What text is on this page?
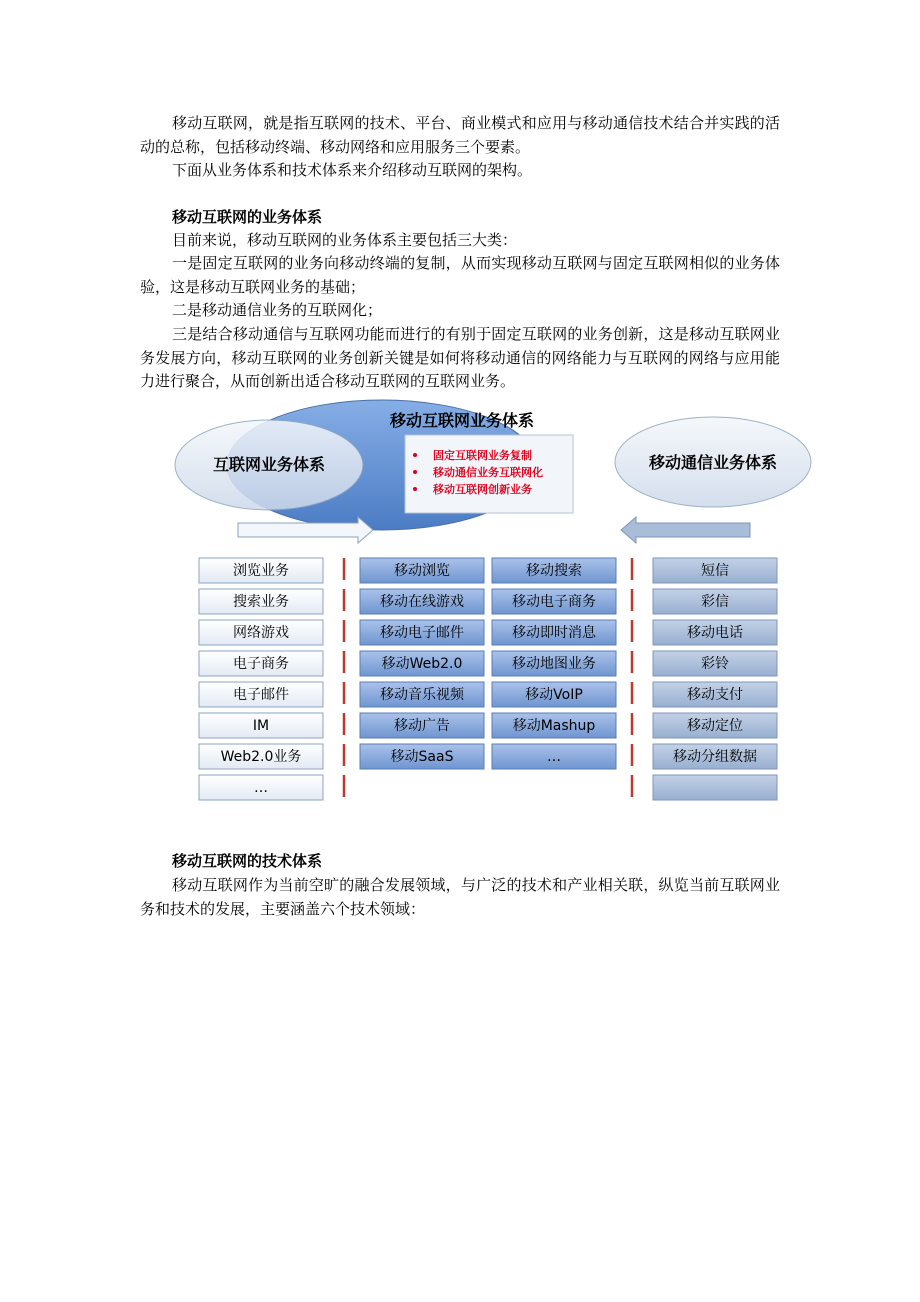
移动互联网，就是指互联网的技术、平台、商业模式和应用与移动通信技术结合并实践的活动的总称，包括移动终端、移动网络和应用服务三个要素。

下面从业务体系和技术体系来介绍移动互联网的架构。

移动互联网的业务体系

目前来说，移动互联网的业务体系主要包括三大类：

一是固定互联网的业务向移动终端的复制，从而实现移动互联网与固定互联网相似的业务体验，这是移动互联网业务的基础；

二是移动通信业务的互联网化；

三是结合移动通信与互联网功能而进行的有别于固定互联网的业务创新，这是移动互联网业务发展方向，移动互联网的业务创新关键是如何将移动通信的网络能力与互联网的网络与应用能力进行聚合，从而创新出适合移动互联网的互联网业务。

互联网业务体系	移动通信业务体系
移动互联网业务体系
固定互联网业务复制
移动通信业务互联网化
移动互联网创新业务
浏览业务
搜索业务
网络游戏
电子商务
电子邮件
IM
Web2.0业务
…
移动浏览
移动在线游戏
移动电子邮件
移动Web2.0
移动音乐视频
移动广告
移动SaaS
移动搜索
移动电子商务
移动即时消息
移动地图业务
移动VoIP
移动Mashup
…
短信
彩信
移动电话
彩铃
移动支付
移动定位
移动分组数据

移动互联网的技术体系

移动互联网作为当前空旷的融合发展领域，与广泛的技术和产业相关联，纵览当前互联网业务和技术的发展，主要涵盖六个技术领域：
